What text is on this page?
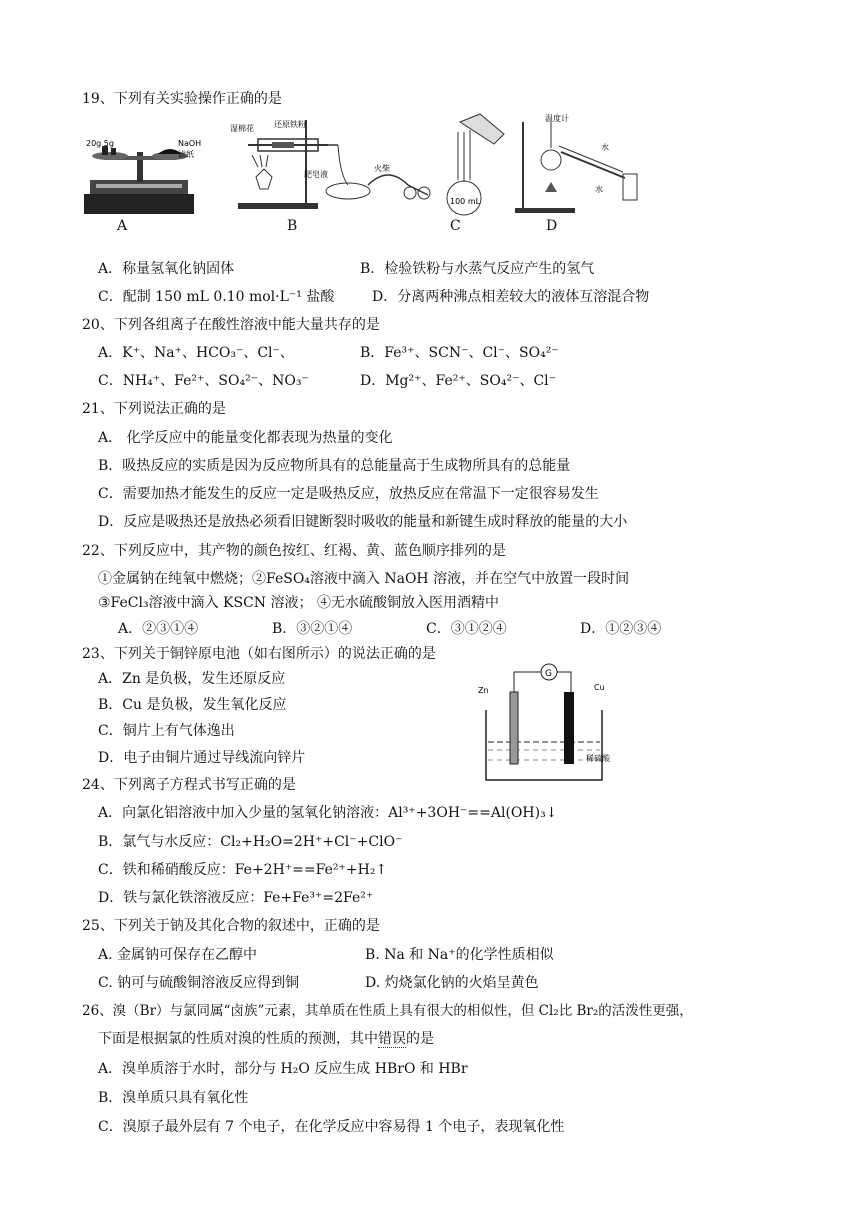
19、下列有关实验操作正确的是
20g 5g	NaOH
滤纸
A
湿棉花	还原铁粉
肥皂液
火柴
B
100 mL
C
温度计
水
水
D
A．称量氢氧化钠固体	B．检验铁粉与水蒸气反应产生的氢气
C．配制 150 mL 0.10 mol·L⁻¹ 盐酸	D．分离两种沸点相差较大的液体互溶混合物
20、下列各组离子在酸性溶液中能大量共存的是
A．K⁺、Na⁺、HCO₃⁻、Cl⁻、	B．Fe³⁺、SCN⁻、Cl⁻、SO₄²⁻
C．NH₄⁺、Fe²⁺、SO₄²⁻、NO₃⁻	D．Mg²⁺、Fe²⁺、SO₄²⁻、Cl⁻
21、下列说法正确的是
A． 化学反应中的能量变化都表现为热量的变化
B．吸热反应的实质是因为反应物所具有的总能量高于生成物所具有的总能量
C．需要加热才能发生的反应一定是吸热反应，放热反应在常温下一定很容易发生
D．反应是吸热还是放热必须看旧键断裂时吸收的能量和新键生成时释放的能量的大小
22、下列反应中，其产物的颜色按红、红褐、黄、蓝色顺序排列的是
①金属钠在纯氧中燃烧；②FeSO₄溶液中滴入 NaOH 溶液，并在空气中放置一段时间
③FeCl₃溶液中滴入 KSCN 溶液； ④无水硫酸铜放入医用酒精中
A．②③①④	B．③②①④	C．③①②④	D．①②③④
23、下列关于铜锌原电池（如右图所示）的说法正确的是
A．Zn 是负极，发生还原反应
B．Cu 是负极，发生氧化反应
C．铜片上有气体逸出
D．电子由铜片通过导线流向锌片
G
Zn	Cu
稀硫酸
24、下列离子方程式书写正确的是
A．向氯化铝溶液中加入少量的氢氧化钠溶液：Al³⁺+3OH⁻==Al(OH)₃↓
B．氯气与水反应：Cl₂+H₂O=2H⁺+Cl⁻+ClO⁻
C．铁和稀硝酸反应：Fe+2H⁺==Fe²⁺+H₂↑
D．铁与氯化铁溶液反应：Fe+Fe³⁺=2Fe²⁺
25、下列关于钠及其化合物的叙述中，正确的是
A. 金属钠可保存在乙醇中	B. Na 和 Na⁺的化学性质相似
C. 钠可与硫酸铜溶液反应得到铜	D. 灼烧氯化钠的火焰呈黄色
26、溴（Br）与氯同属“卤族”元素，其单质在性质上具有很大的相似性，但 Cl₂比 Br₂的活泼性更强，
下面是根据氯的性质对溴的性质的预测，其中错误的是
A．溴单质溶于水时，部分与 H₂O 反应生成 HBrO 和 HBr
B．溴单质只具有氧化性
C．溴原子最外层有 7 个电子，在化学反应中容易得 1 个电子，表现氧化性
